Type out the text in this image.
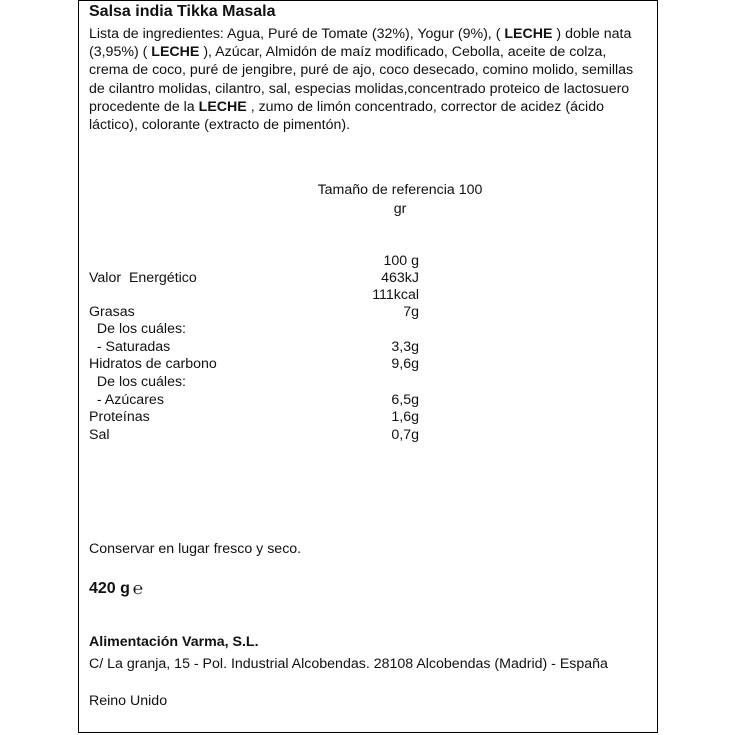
Salsa india Tikka Masala
Lista de ingredientes: Agua, Puré de Tomate (32%), Yogur (9%), ( LECHE ) doble nata (3,95%) ( LECHE ), Azúcar, Almidón de maíz modificado, Cebolla, aceite de colza, crema de coco, puré de jengibre, puré de ajo, coco desecado, comino molido, semillas de cilantro molidas, cilantro, sal, especias molidas,concentrado proteico de lactosuero procedente de la LECHE , zumo de limón concentrado, corrector de acidez (ácido láctico), colorante (extracto de pimentón).
Tamaño de referencia 100
gr
100 g
Valor  Energético	463kJ
111kcal
Grasas	7g
De los cuáles:
- Saturadas	3,3g
Hidratos de carbono	9,6g
De los cuáles:
- Azúcares	6,5g
Proteínas	1,6g
Sal	0,7g
Conservar en lugar fresco y seco.
420 g ℮
Alimentación Varma, S.L.
C/ La granja, 15 - Pol. Industrial Alcobendas. 28108 Alcobendas (Madrid) - España
Reino Unido
